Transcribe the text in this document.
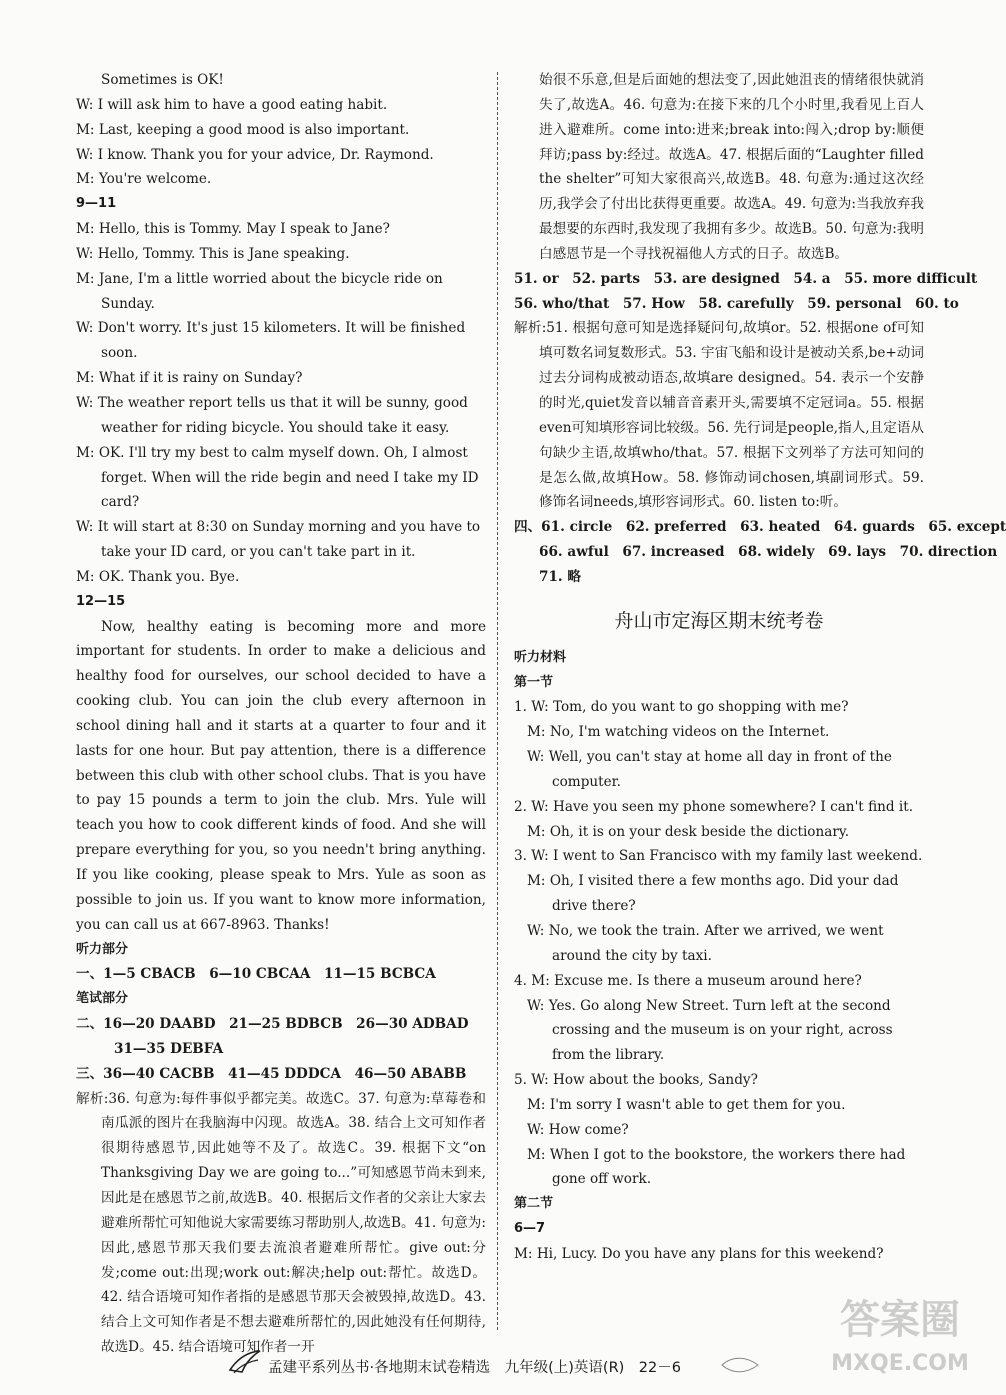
Sometimes is OK!
W: I will ask him to have a good eating habit.
M: Last, keeping a good mood is also important.
W: I know. Thank you for your advice, Dr. Raymond.
M: You're welcome.
9—11
M: Hello, this is Tommy. May I speak to Jane?
W: Hello, Tommy. This is Jane speaking.
M: Jane, I'm a little worried about the bicycle ride on Sunday.
W: Don't worry. It's just 15 kilometers. It will be finished soon.
M: What if it is rainy on Sunday?
W: The weather report tells us that it will be sunny, good weather for riding bicycle. You should take it easy.
M: OK. I'll try my best to calm myself down. Oh, I almost forget. When will the ride begin and need I take my ID card?
W: It will start at 8:30 on Sunday morning and you have to take your ID card, or you can't take part in it.
M: OK. Thank you. Bye.
12—15
Now, healthy eating is becoming more and more important for students. In order to make a delicious and healthy food for ourselves, our school decided to have a cooking club. You can join the club every afternoon in school dining hall and it starts at a quarter to four and it lasts for one hour. But pay attention, there is a difference between this club with other school clubs. That is you have to pay 15 pounds a term to join the club. Mrs. Yule will teach you how to cook different kinds of food. And she will prepare everything for you, so you needn't bring anything. If you like cooking, please speak to Mrs. Yule as soon as possible to join us. If you want to know more information, you can call us at 667-8963. Thanks!
听力部分
一、1—5 CBACB　6—10 CBCAA　11—15 BCBCA
笔试部分
二、16—20 DAABD　21—25 BDBCB　26—30 ADBAD
31—35 DEBFA
三、36—40 CACBB　41—45 DDDCA　46—50 ABABB
解析:36. 句意为:每件事似乎都完美。故选C。37. 句意为:草莓卷和南瓜派的图片在我脑海中闪现。故选A。38. 结合上文可知作者很期待感恩节,因此她等不及了。故选C。39. 根据下文“on Thanksgiving Day we are going to...”可知感恩节尚未到来,因此是在感恩节之前,故选B。40. 根据后文作者的父亲让大家去避难所帮忙可知他说大家需要练习帮助别人,故选B。41. 句意为:因此,感恩节那天我们要去流浪者避难所帮忙。give out:分发;come out:出现;work out:解决;help out:帮忙。故选D。42. 结合语境可知作者指的是感恩节那天会被毁掉,故选D。43. 结合上文可知作者是不想去避难所帮忙的,因此她没有任何期待,故选D。45. 结合语境可知作者一开
始很不乐意,但是后面她的想法变了,因此她沮丧的情绪很快就消失了,故选A。46. 句意为:在接下来的几个小时里,我看见上百人进入避难所。come into:进来;break into:闯入;drop by:顺便拜访;pass by:经过。故选A。47. 根据后面的“Laughter filled the shelter”可知大家很高兴,故选B。48. 句意为:通过这次经历,我学会了付出比获得更重要。故选A。49. 句意为:当我放弃我最想要的东西时,我发现了我拥有多少。故选B。50. 句意为:我明白感恩节是一个寻找祝福他人方式的日子。故选B。
51. or　52. parts　53. are designed　54. a　55. more difficult
56. who/that　57. How　58. carefully　59. personal　60. to
解析:51. 根据句意可知是选择疑问句,故填or。52. 根据one of可知填可数名词复数形式。53. 宇宙飞船和设计是被动关系,be+动词过去分词构成被动语态,故填are designed。54. 表示一个安静的时光,quiet发音以辅音音素开头,需要填不定冠词a。55. 根据even可知填形容词比较级。56. 先行词是people,指人,且定语从句缺少主语,故填who/that。57. 根据下文列举了方法可知问的是怎么做,故填How。58. 修饰动词chosen,填副词形式。59. 修饰名词needs,填形容词形式。60. listen to:听。
四、61. circle　62. preferred　63. heated　64. guards　65. except
66. awful　67. increased　68. widely　69. lays　70. direction
71. 略
舟山市定海区期末统考卷
听力材料
第一节
1. W: Tom, do you want to go shopping with me?
M: No, I'm watching videos on the Internet.
W: Well, you can't stay at home all day in front of the computer.
2. W: Have you seen my phone somewhere? I can't find it.
M: Oh, it is on your desk beside the dictionary.
3. W: I went to San Francisco with my family last weekend.
M: Oh, I visited there a few months ago. Did your dad drive there?
W: No, we took the train. After we arrived, we went around the city by taxi.
4. M: Excuse me. Is there a museum around here?
W: Yes. Go along New Street. Turn left at the second crossing and the museum is on your right, across from the library.
5. W: How about the books, Sandy?
M: I'm sorry I wasn't able to get them for you.
W: How come?
M: When I got to the bookstore, the workers there had gone off work.
第二节
6—7
M: Hi, Lucy. Do you have any plans for this weekend?
孟建平系列丛书·各地期末试卷精选　九年级(上)英语(R)　22－6
答案圈
MXQE.COM
